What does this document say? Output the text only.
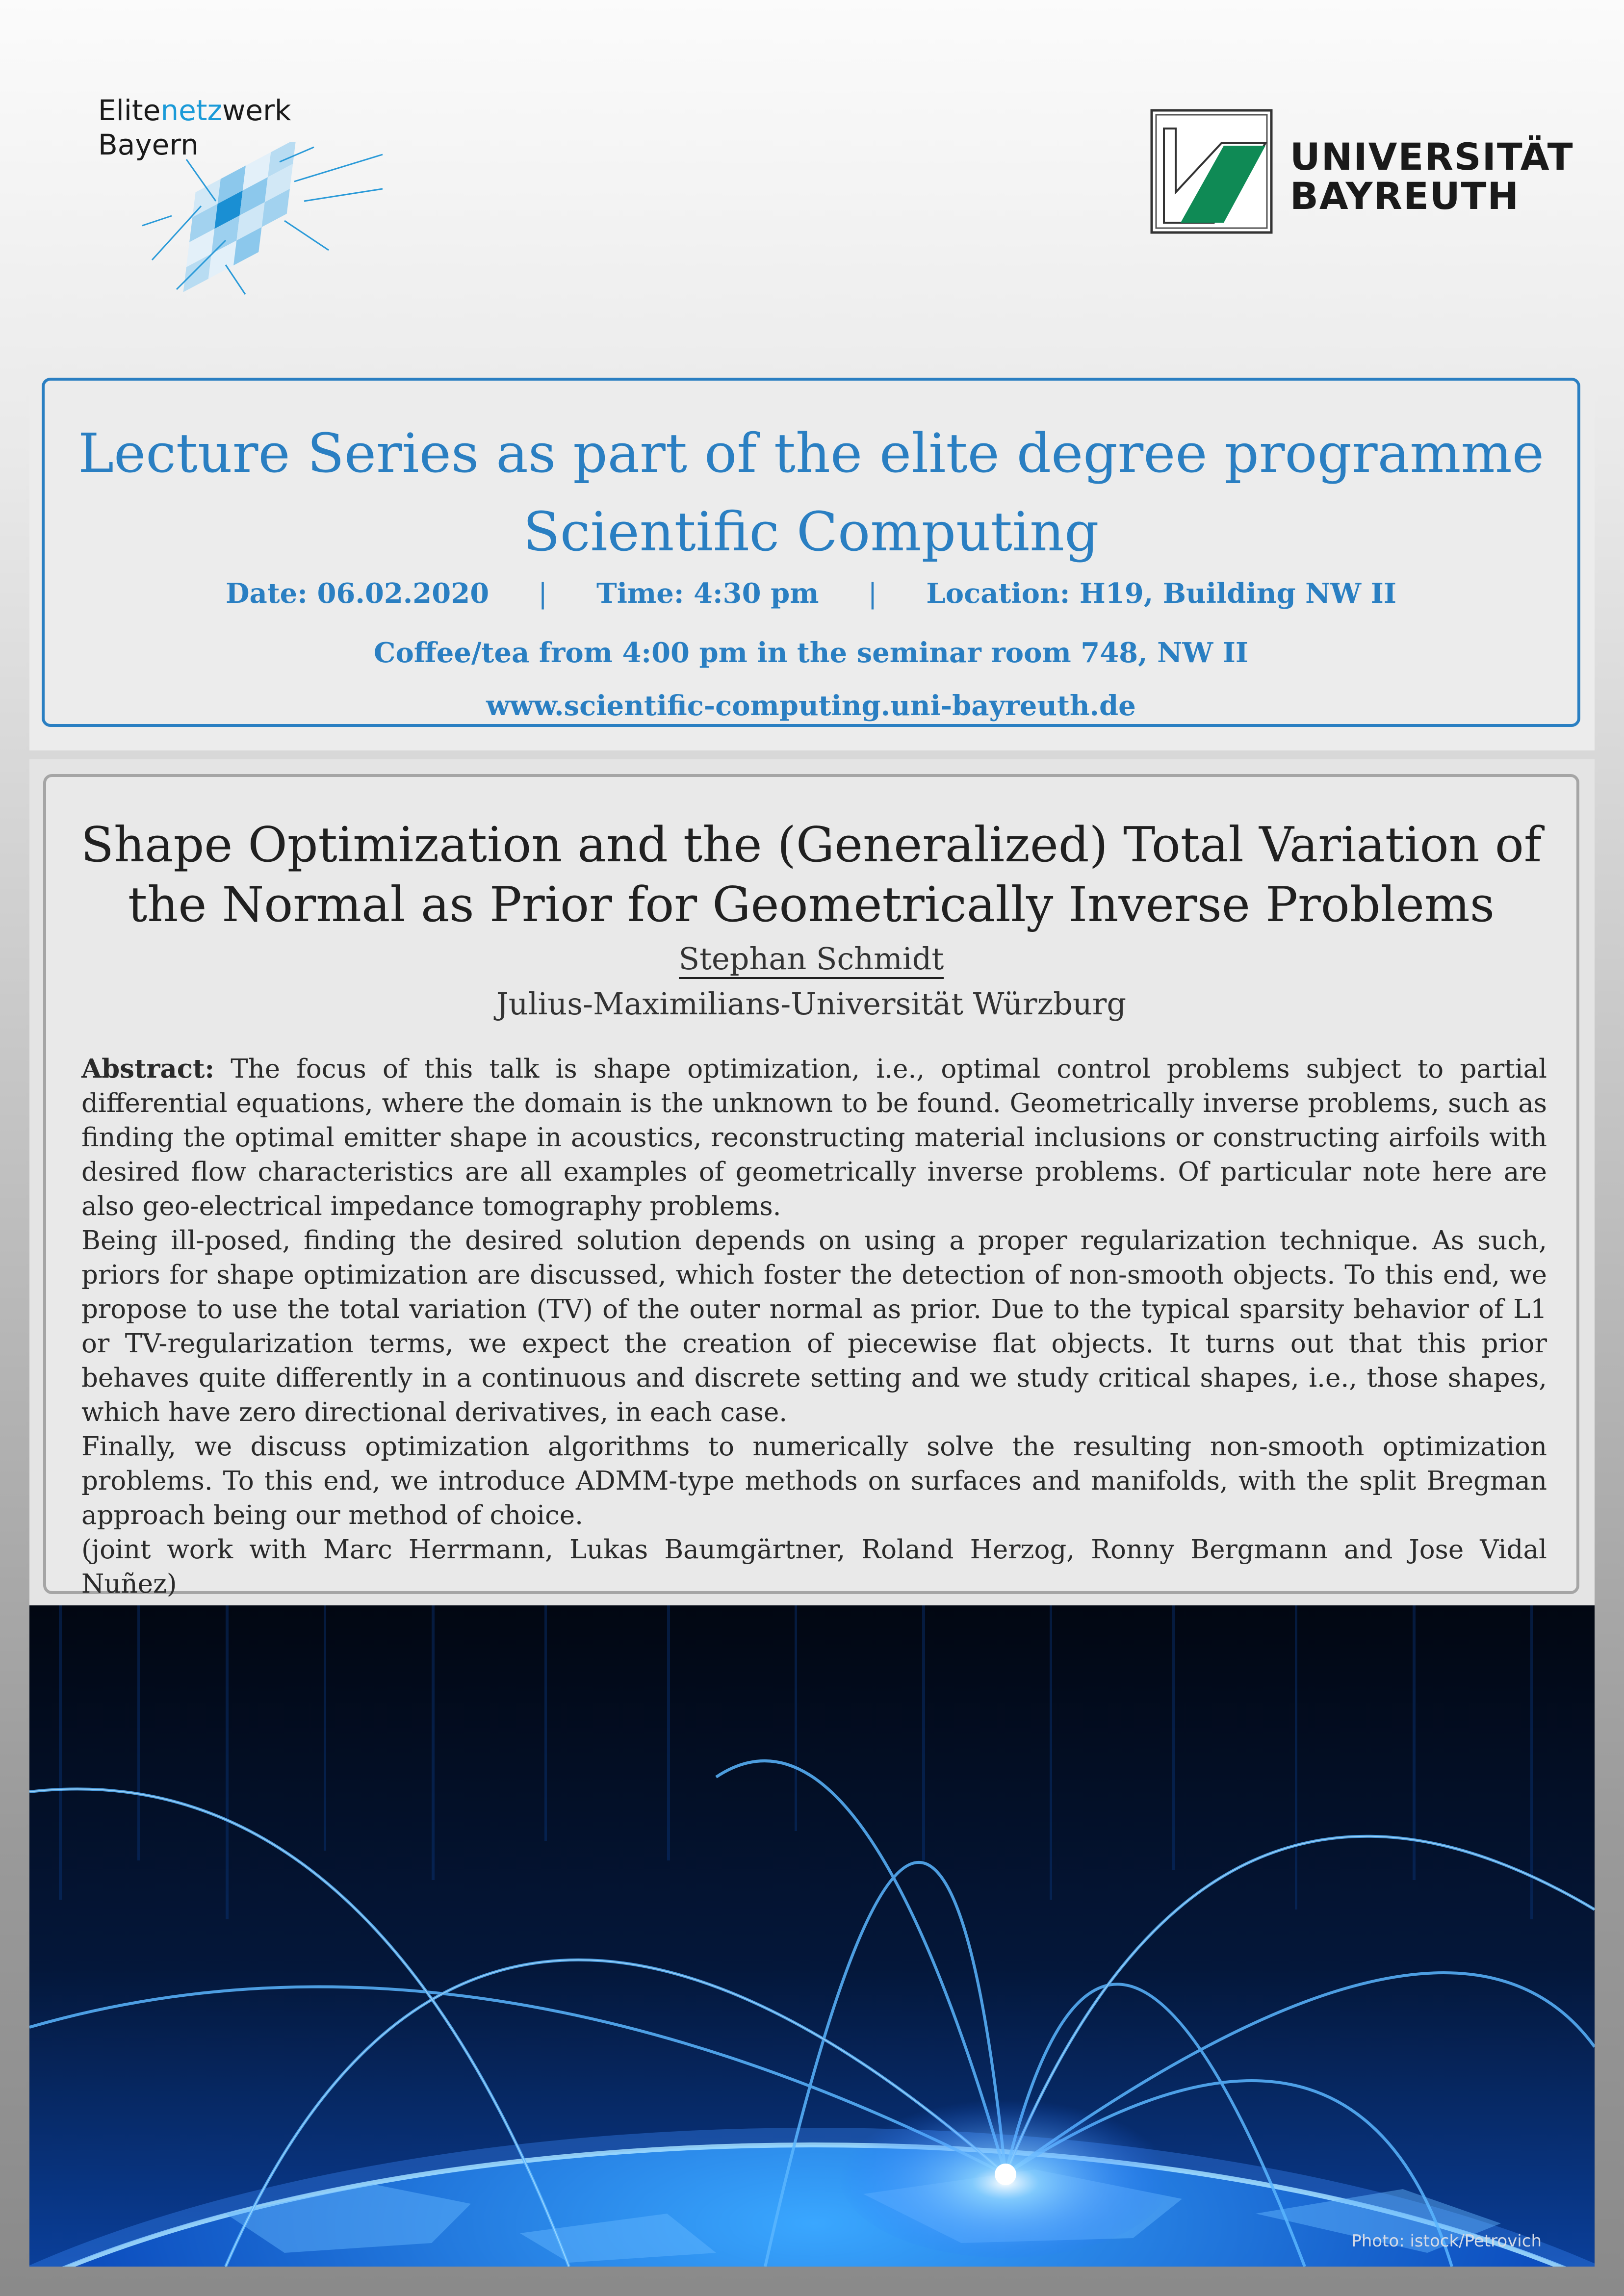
Elitenetzwerk
Bayern	UNIVERSITÄT
BAYREUTH
Lecture Series as part of the elite degree programme
Scientific Computing
Date: 06.02.2020 | Time: 4:30 pm | Location: H19, Building NW II
Coffee/tea from 4:00 pm in the seminar room 748, NW II
www.scientific-computing.uni-bayreuth.de
Shape Optimization and the (Generalized) Total Variation of
the Normal as Prior for Geometrically Inverse Problems
Stephan Schmidt
Julius-Maximilians-Universität Würzburg

Abstract: The focus of this talk is shape optimization, i.e., optimal control problems subject to partial differential equations, where the domain is the unknown to be found. Geometrically inverse problems, such as finding the optimal emitter shape in acoustics, reconstructing material inclusions or constructing airfoils with desired flow characteristics are all examples of geometrically inverse problems. Of particular note here are also geo-electrical impedance tomography problems.

Being ill-posed, finding the desired solution depends on using a proper regularization technique. As such, priors for shape optimization are discussed, which foster the detection of non-smooth objects. To this end, we propose to use the total variation (TV) of the outer normal as prior. Due to the typical sparsity behavior of L1 or TV-regularization terms, we expect the creation of piecewise flat objects. It turns out that this prior behaves quite differently in a continuous and discrete setting and we study critical shapes, i.e., those shapes, which have zero directional derivatives, in each case.

Finally, we discuss optimization algorithms to numerically solve the resulting non-smooth optimization problems. To this end, we introduce ADMM-type methods on surfaces and manifolds, with the split Bregman approach being our method of choice.

(joint work with Marc Herrmann, Lukas Baumgärtner, Roland Herzog, Ronny Bergmann and Jose Vidal Nuñez)

Photo: istock/Petrovich
